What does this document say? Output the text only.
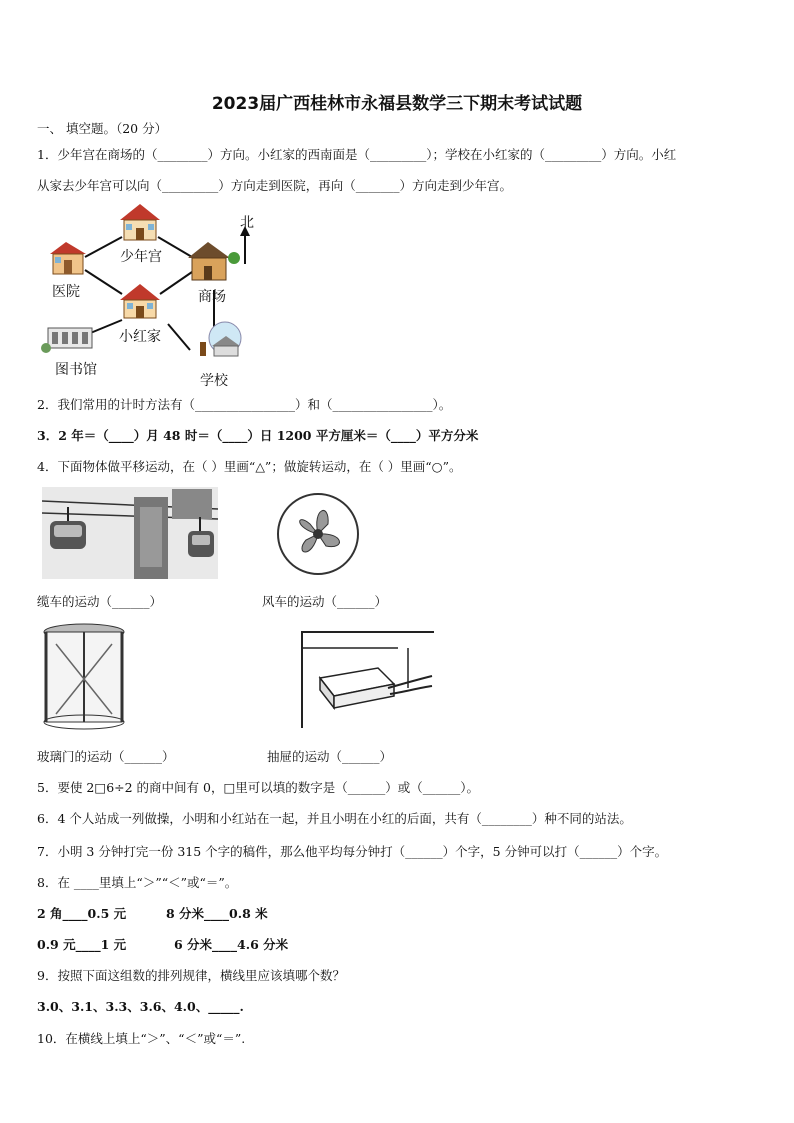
2023届广西桂林市永福县数学三下期末考试试题
一、 填空题。（20 分）
1．少年宫在商场的（________）方向。小红家的西南面是（_________）；学校在小红家的（_________）方向。小红
从家去少年宫可以向（_________）方向走到医院，再向（_______）方向走到少年宫。
北
少年宫
医院	商场
小红家
图书馆
学校
2．我们常用的计时方法有（________________）和（________________）。
3．2 年＝（____）月 48 时＝（____）日 1200 平方厘米＝（____）平方分米
4．下面物体做平移运动，在（ ）里画“△”；做旋转运动，在（ ）里画“○”。
缆车的运动（______）	风车的运动（______）
玻璃门的运动（______）	抽屉的运动（______）
5．要使 2□6÷2 的商中间有 0，□里可以填的数字是（______）或（______）。
6．4 个人站成一列做操，小明和小红站在一起，并且小明在小红的后面，共有（________）种不同的站法。
7．小明 3 分钟打完一份 315 个字的稿件，那么他平均每分钟打（______）个字，5 分钟可以打（______）个字。
8．在 ____里填上“＞”“＜”或“＝”。
2 角____0.5 元	8 分米____0.8 米
0.9 元____1 元	6 分米____4.6 分米
9．按照下面这组数的排列规律，横线里应该填哪个数？
3.0、3.1、3.3、3.6、4.0、_____.
10．在横线上填上“＞”、“＜”或“＝”.
